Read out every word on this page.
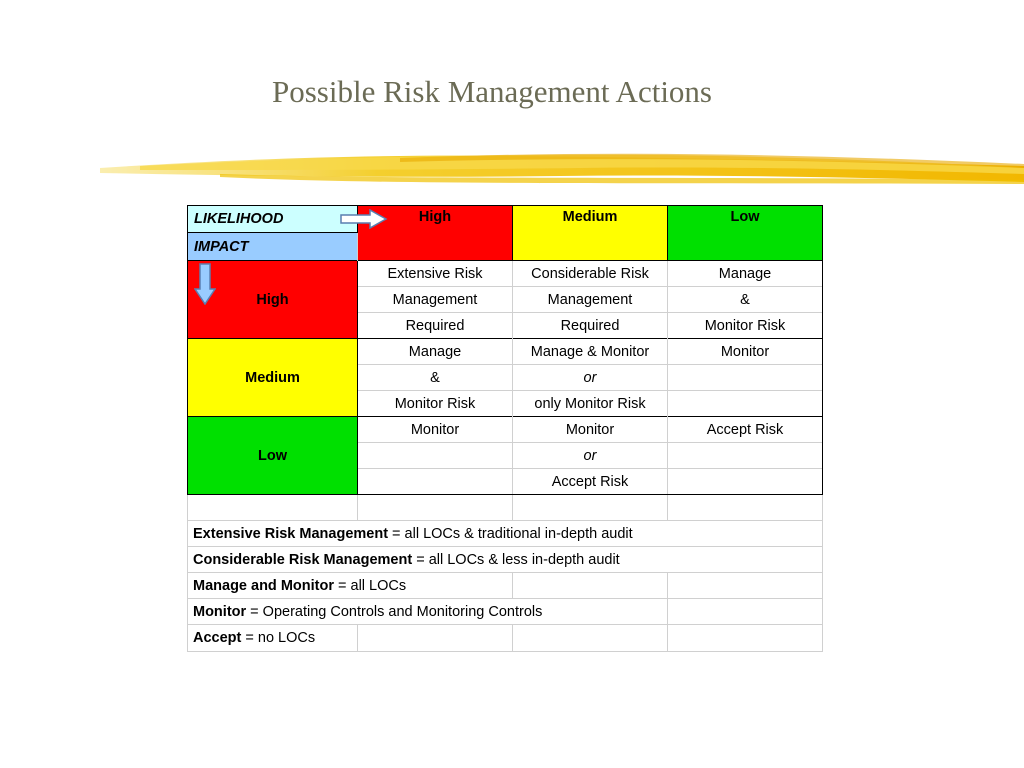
Possible Risk Management Actions
LIKELIHOOD	High	Medium	Low
IMPACT			

High	Extensive Risk	Considerable Risk	Manage
	Management	Management	&
	Required	Required	Monitor Risk
Medium	Manage	Manage & Monitor	Monitor
	&	or	
	Monitor Risk	only Monitor Risk	
Low	Monitor	Monitor	Accept Risk
		or	
		Accept Risk	

Extensive Risk Management = all LOCs & traditional in-depth audit			
Considerable Risk Management = all LOCs & less in-depth audit			
Manage and Monitor = all LOCs			
Monitor = Operating Controls and Monitoring Controls			
Accept = no LOCs			
